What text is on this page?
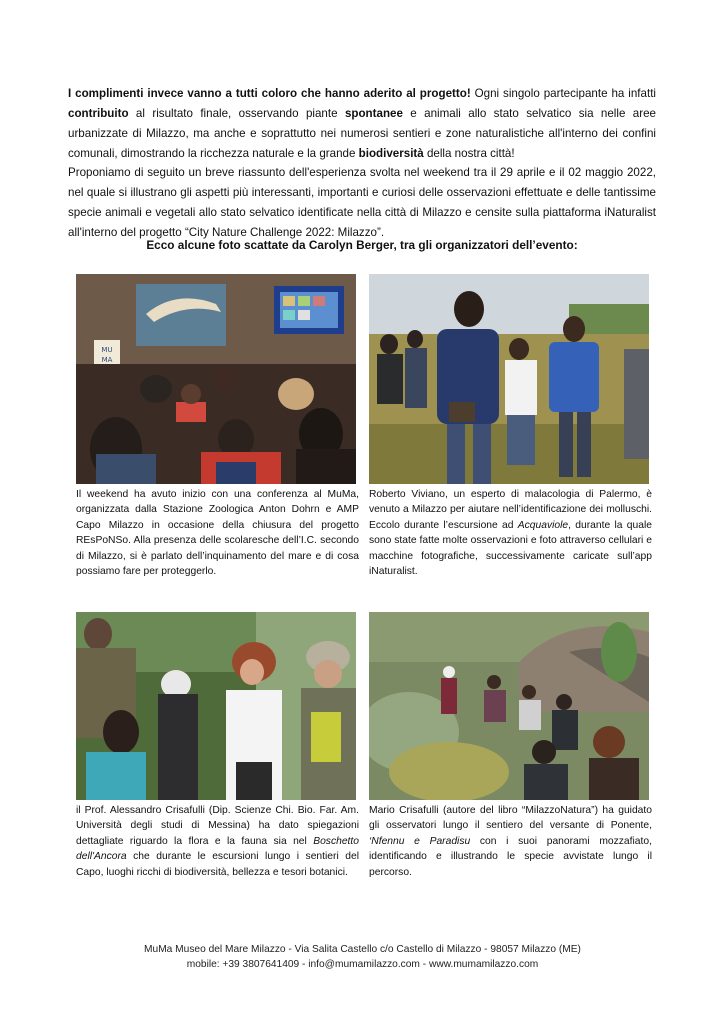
I complimenti invece vanno a tutti coloro che hanno aderito al progetto! Ogni singolo partecipante ha infatti contribuito al risultato finale, osservando piante spontanee e animali allo stato selvatico sia nelle aree urbanizzate di Milazzo, ma anche e soprattutto nei numerosi sentieri e zone naturalistiche all'interno dei confini comunali, dimostrando la ricchezza naturale e la grande biodiversità della nostra città!

Proponiamo di seguito un breve riassunto dell'esperienza svolta nel weekend tra il 29 aprile e il 02 maggio 2022, nel quale si illustrano gli aspetti più interessanti, importanti e curiosi delle osservazioni effettuate e delle tantissime specie animali e vegetali allo stato selvatico identificate nella città di Milazzo e censite sulla piattaforma iNaturalist all'interno del progetto “City Nature Challenge 2022: Milazzo”.

Ecco alcune foto scattate da Carolyn Berger, tra gli organizzatori dell’evento:

MU
MA

Il weekend ha avuto inizio con una conferenza al MuMa, organizzata dalla Stazione Zoologica Anton Dohrn e AMP Capo Milazzo in occasione della chiusura del progetto REsPoNSo. Alla presenza delle scolaresche dell’I.C. secondo di Milazzo, si è parlato dell’inquinamento del mare e di cosa possiamo fare per proteggerlo.

Roberto Viviano, un esperto di malacologia di Palermo, è venuto a Milazzo per aiutare nell’identificazione dei molluschi. Eccolo durante l’escursione ad Acquaviole, durante la quale sono state fatte molte osservazioni e foto attraverso cellulari e macchine fotografiche, successivamente caricate sull’app iNaturalist.

il Prof. Alessandro Crisafulli (Dip. Scienze Chi. Bio. Far. Am. Università degli studi di Messina) ha dato spiegazioni dettagliate riguardo la flora e la fauna sia nel Boschetto dell'Ancora che durante le escursioni lungo i sentieri del Capo, luoghi ricchi di biodiversità, bellezza e tesori botanici.

Mario Crisafulli (autore del libro “MilazzoNatura”) ha guidato gli osservatori lungo il sentiero del versante di Ponente, ‘Nfennu e Paradisu con i suoi panorami mozzafiato, identificando e illustrando le specie avvistate lungo il percorso.

MuMa Museo del Mare Milazzo - Via Salita Castello c/o Castello di Milazzo - 98057 Milazzo (ME)

mobile: +39 3807641409 - info@mumamilazzo.com - www.mumamilazzo.com
